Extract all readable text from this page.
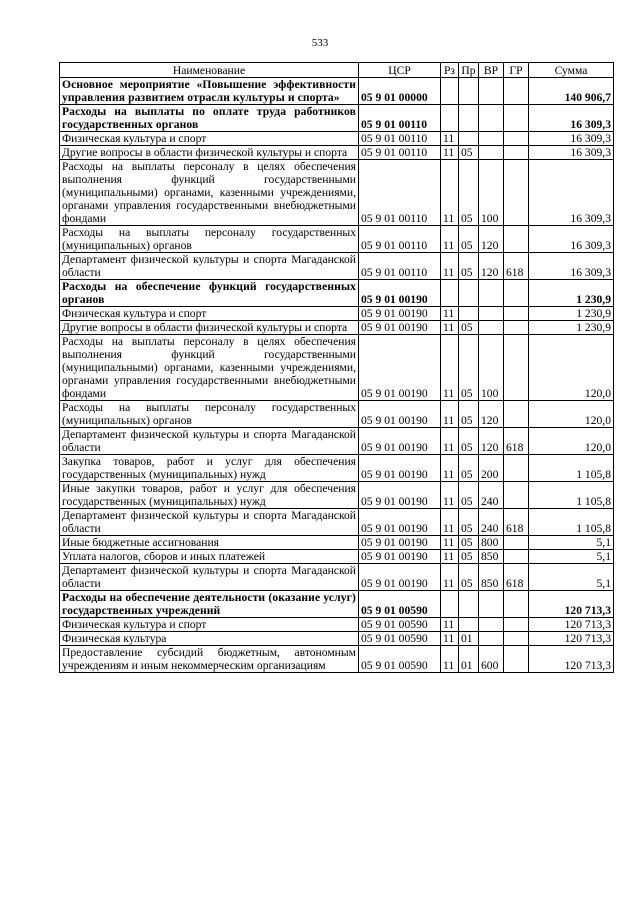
533
Наименование	ЦСР	Рз	Пр	ВР	ГР	Сумма
Основное мероприятие «Повышение эффективности управления развитием отрасли культуры и спорта»	05 9 01 00000					140 906,7
Расходы на выплаты по оплате труда работников государственных органов	05 9 01 00110					16 309,3
Физическая культура и спорт	05 9 01 00110	11				16 309,3
Другие вопросы в области физической культуры и спорта	05 9 01 00110	11	05			16 309,3
Расходы на выплаты персоналу в целях обеспечения выполнения функций государственными (муниципальными) органами, казенными учреждениями, органами управления государственными внебюджетными фондами	05 9 01 00110	11	05	100		16 309,3
Расходы на выплаты персоналу государственных (муниципальных) органов	05 9 01 00110	11	05	120		16 309,3
Департамент физической культуры и спорта Магаданской области	05 9 01 00110	11	05	120	618	16 309,3
Расходы на обеспечение функций государственных органов	05 9 01 00190					1 230,9
Физическая культура и спорт	05 9 01 00190	11				1 230,9
Другие вопросы в области физической культуры и спорта	05 9 01 00190	11	05			1 230,9
Расходы на выплаты персоналу в целях обеспечения выполнения функций государственными (муниципальными) органами, казенными учреждениями, органами управления государственными внебюджетными фондами	05 9 01 00190	11	05	100		120,0
Расходы на выплаты персоналу государственных (муниципальных) органов	05 9 01 00190	11	05	120		120,0
Департамент физической культуры и спорта Магаданской области	05 9 01 00190	11	05	120	618	120,0
Закупка товаров, работ и услуг для обеспечения государственных (муниципальных) нужд	05 9 01 00190	11	05	200		1 105,8
Иные закупки товаров, работ и услуг для обеспечения государственных (муниципальных) нужд	05 9 01 00190	11	05	240		1 105,8
Департамент физической культуры и спорта Магаданской области	05 9 01 00190	11	05	240	618	1 105,8
Иные бюджетные ассигнования	05 9 01 00190	11	05	800		5,1
Уплата налогов, сборов и иных платежей	05 9 01 00190	11	05	850		5,1
Департамент физической культуры и спорта Магаданской области	05 9 01 00190	11	05	850	618	5,1
Расходы на обеспечение деятельности (оказание услуг) государственных учреждений	05 9 01 00590					120 713,3
Физическая культура и спорт	05 9 01 00590	11				120 713,3
Физическая культура	05 9 01 00590	11	01			120 713,3
Предоставление субсидий бюджетным, автономным учреждениям и иным некоммерческим организациям	05 9 01 00590	11	01	600		120 713,3
